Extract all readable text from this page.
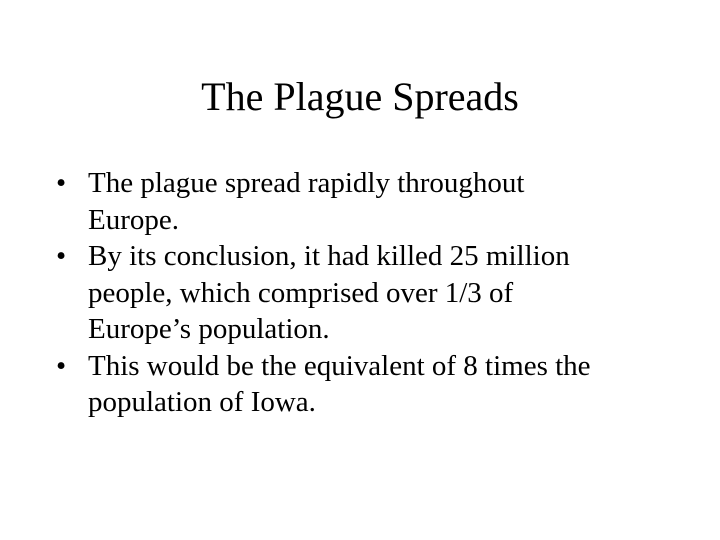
The Plague Spreads
• The plague spread rapidly throughout
Europe.
• By its conclusion, it had killed 25 million
people, which comprised over 1/3 of
Europe’s population.
• This would be the equivalent of 8 times the
population of Iowa.
